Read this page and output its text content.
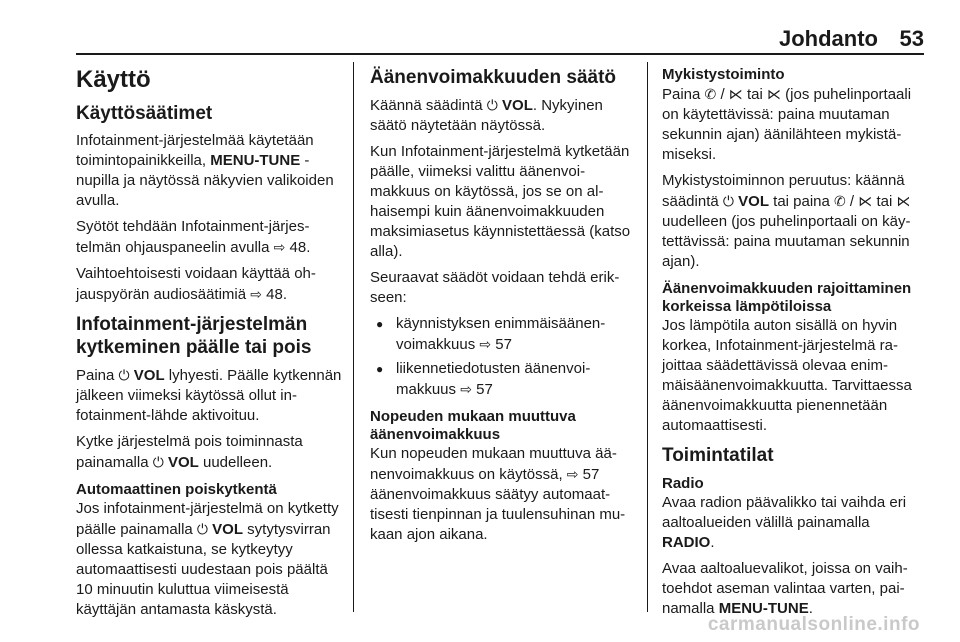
Johdanto 53
Käyttö
Käyttösäätimet

Infotainment-järjestelmää käytetään toimintopainikkeilla, MENU-TUNE -nupilla ja näytössä näkyvien valikoiden avulla.

Syötöt tehdään Infotainment-järjestelmän ohjauspaneelin avulla ⇨ 48.

Vaihtoehtoisesti voidaan käyttää ohjauspyörän audiosäätimiä ⇨ 48.

Infotainment-järjestelmän kytkeminen päälle tai pois

Paina ⏻ VOL lyhyesti. Päälle kytkennän jälkeen viimeksi käytössä ollut infotainment-lähde aktivoituu.

Kytke järjestelmä pois toiminnasta painamalla ⏻ VOL uudelleen.

Automaattinen poiskytkentä

Jos infotainment-järjestelmä on kytketty päälle painamalla ⏻ VOL sytytysvirran ollessa katkaistuna, se kytkeytyy automaattisesti uudestaan pois päältä 10 minuutin kuluttua viimeisestä käyttäjän antamasta käskystä.

Äänenvoimakkuuden säätö

Käännä säädintä ⏻ VOL. Nykyinen säätö näytetään näytössä.

Kun Infotainment-järjestelmä kytketään päälle, viimeksi valittu äänenvoimakkuus on käytössä, jos se on alhaisempi kuin äänenvoimakkuuden maksimiasetus käynnistettäessä (katso alla).

Seuraavat säädöt voidaan tehdä erikseen:

● käynnistyksen enimmäisäänenvoimakkuus ⇨ 57
● liikennetiedotusten äänenvoimakkuus ⇨ 57
Nopeuden mukaan muuttuva äänenvoimakkuus

Kun nopeuden mukaan muuttuva äänenvoimakkuus on käytössä, ⇨ 57 äänenvoimakkuus säätyy automaattisesti tienpinnan ja tuulensuhinan mukaan ajon aikana.

Mykistystoiminto

Paina ✆ / ⋉ tai ⋉ (jos puhelinportaali on käytettävissä: paina muutaman sekunnin ajan) äänilähteen mykistämiseksi.

Mykistystoiminnon peruutus: käännä säädintä ⏻ VOL tai paina ✆ / ⋉ tai ⋉ uudelleen (jos puhelinportaali on käytettävissä: paina muutaman sekunnin ajan).

Äänenvoimakkuuden rajoittaminen korkeissa lämpötiloissa

Jos lämpötila auton sisällä on hyvin korkea, Infotainment-järjestelmä rajoittaa säädettävissä olevaa enimmäisäänenvoimakkuutta. Tarvittaessa äänenvoimakkuutta pienennetään automaattisesti.

Toimintatilat
Radio

Avaa radion päävalikko tai vaihda eri aaltoalueiden välillä painamalla RADIO.

Avaa aaltoaluevalikot, joissa on vaihtoehdot aseman valintaa varten, painamalla MENU-TUNE.

carmanualsonline.info
